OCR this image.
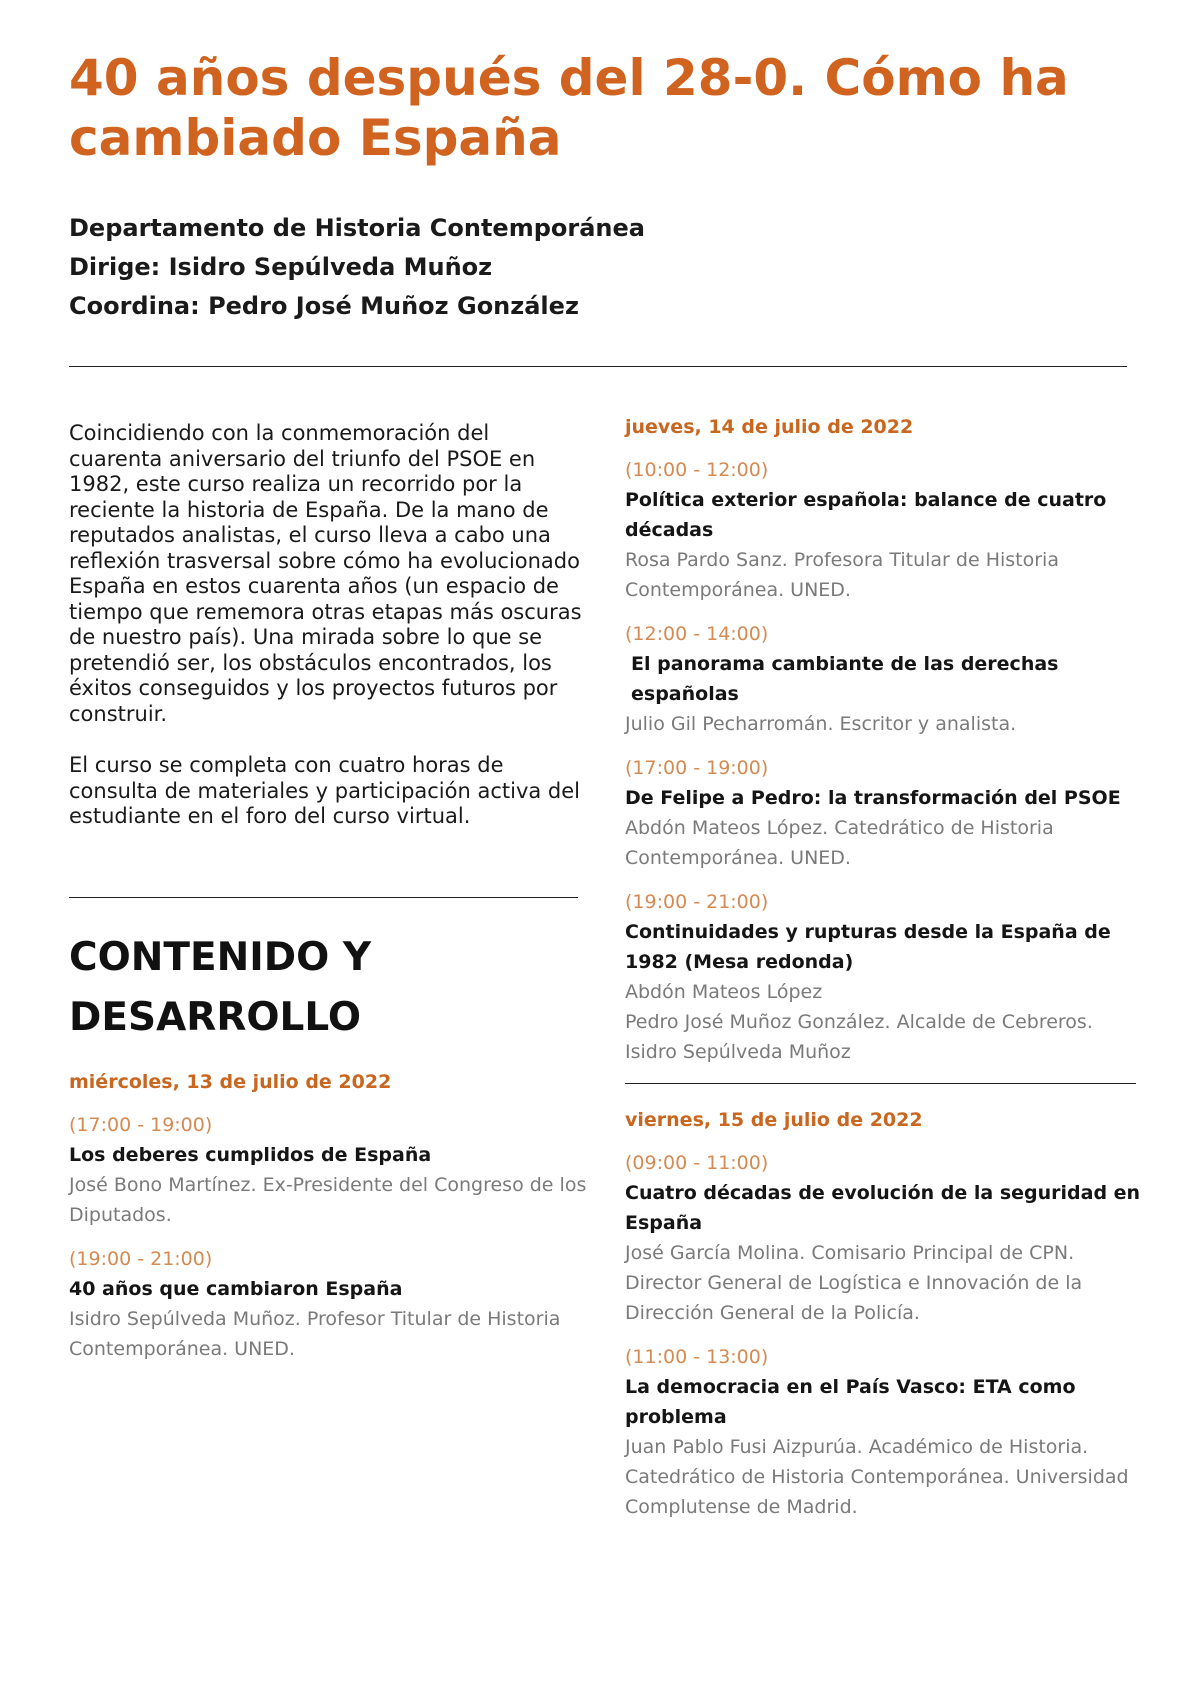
40 años después del 28-0. Cómo ha cambiado España
Departamento de Historia Contemporánea
Dirige: Isidro Sepúlveda Muñoz
Coordina: Pedro José Muñoz González

Coincidiendo con la conmemoración del cuarenta aniversario del triunfo del PSOE en 1982, este curso realiza un recorrido por la reciente la historia de España. De la mano de reputados analistas, el curso lleva a cabo una reflexión trasversal sobre cómo ha evolucionado España en estos cuarenta años (un espacio de tiempo que rememora otras etapas más oscuras de nuestro país). Una mirada sobre lo que se pretendió ser, los obstáculos encontrados, los éxitos conseguidos y los proyectos futuros por construir.

El curso se completa con cuatro horas de consulta de materiales y participación activa del estudiante en el foro del curso virtual.

CONTENIDO Y DESARROLLO
miércoles, 13 de julio de 2022
(17:00 - 19:00)
Los deberes cumplidos de España
José Bono Martínez. Ex-Presidente del Congreso de los Diputados.
(19:00 - 21:00)
40 años que cambiaron España
Isidro Sepúlveda Muñoz. Profesor Titular de Historia Contemporánea. UNED.
jueves, 14 de julio de 2022
(10:00 - 12:00)
Política exterior española: balance de cuatro décadas
Rosa Pardo Sanz. Profesora Titular de Historia Contemporánea. UNED.
(12:00 - 14:00)
El panorama cambiante de las derechas españolas
Julio Gil Pecharromán. Escritor y analista.
(17:00 - 19:00)
De Felipe a Pedro: la transformación del PSOE
Abdón Mateos López. Catedrático de Historia Contemporánea. UNED.
(19:00 - 21:00)
Continuidades y rupturas desde la España de 1982 (Mesa redonda)
Abdón Mateos López
Pedro José Muñoz González. Alcalde de Cebreros.
Isidro Sepúlveda Muñoz
viernes, 15 de julio de 2022
(09:00 - 11:00)
Cuatro décadas de evolución de la seguridad en España
José García Molina. Comisario Principal de CPN. Director General de Logística e Innovación de la Dirección General de la Policía.
(11:00 - 13:00)
La democracia en el País Vasco: ETA como problema
Juan Pablo Fusi Aizpurúa. Académico de Historia. Catedrático de Historia Contemporánea. Universidad Complutense de Madrid.
